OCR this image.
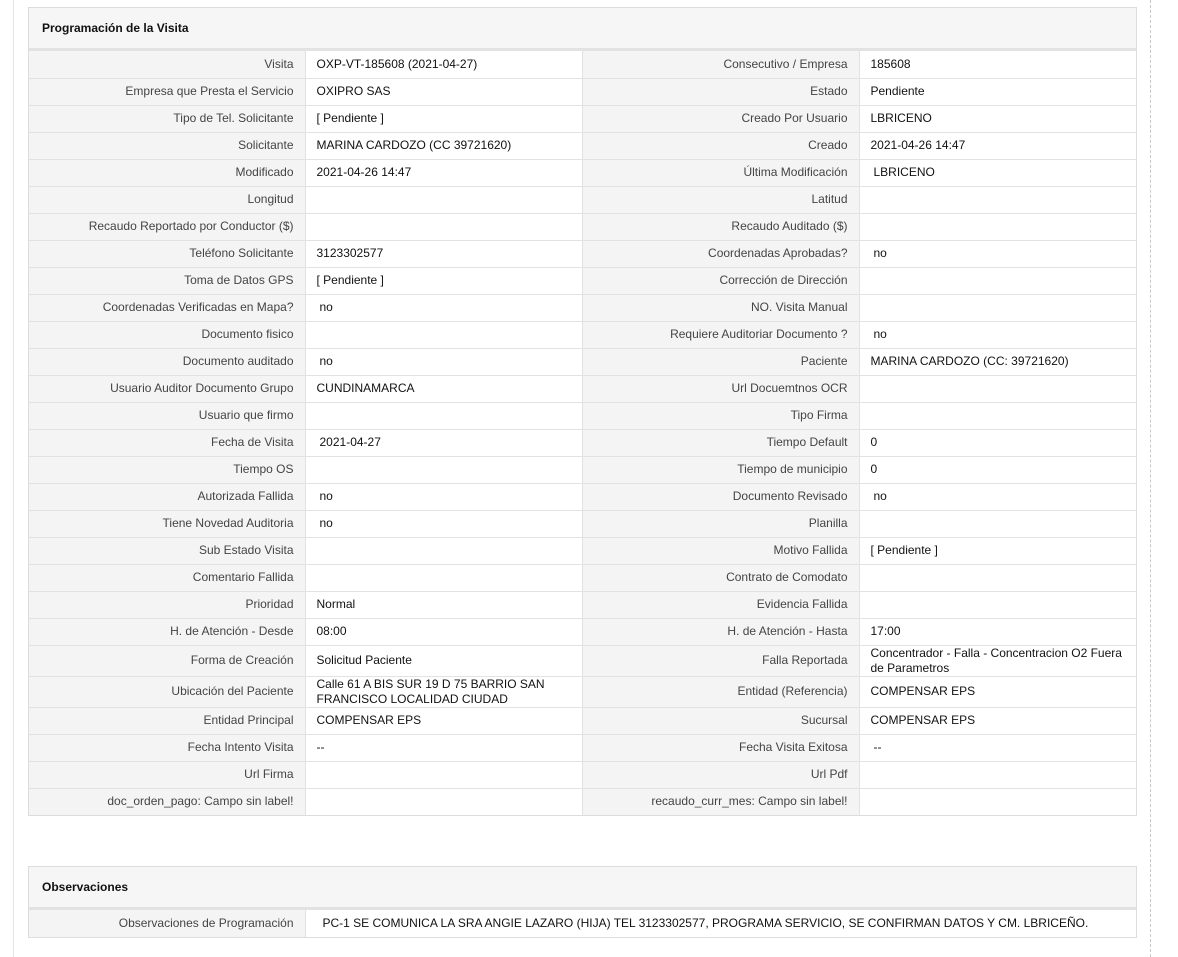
Programación de la Visita
Visita	OXP-VT-185608 (2021-04-27)	Consecutivo / Empresa	185608
Empresa que Presta el Servicio	OXIPRO SAS	Estado	Pendiente
Tipo de Tel. Solicitante	[ Pendiente ]	Creado Por Usuario	LBRICENO
Solicitante	MARINA CARDOZO (CC 39721620)	Creado	2021-04-26 14:47
Modificado	2021-04-26 14:47	Última Modificación	LBRICENO
Longitud		Latitud	
Recaudo Reportado por Conductor ($)		Recaudo Auditado ($)	
Teléfono Solicitante	3123302577	Coordenadas Aprobadas?	no
Toma de Datos GPS	[ Pendiente ]	Corrección de Dirección	
Coordenadas Verificadas en Mapa?	no	NO. Visita Manual	
Documento fisico		Requiere Auditoriar Documento ?	no
Documento auditado	no	Paciente	MARINA CARDOZO (CC: 39721620)
Usuario Auditor Documento Grupo	CUNDINAMARCA	Url Docuemtnos OCR	
Usuario que firmo		Tipo Firma	
Fecha de Visita	2021-04-27	Tiempo Default	0
Tiempo OS		Tiempo de municipio	0
Autorizada Fallida	no	Documento Revisado	no
Tiene Novedad Auditoria	no	Planilla	
Sub Estado Visita		Motivo Fallida	[ Pendiente ]
Comentario Fallida		Contrato de Comodato	
Prioridad	Normal	Evidencia Fallida	
H. de Atención - Desde	08:00	H. de Atención - Hasta	17:00
Forma de Creación	Solicitud Paciente	Falla Reportada	Concentrador - Falla - Concentracion O2 Fuera de Parametros
Ubicación del Paciente	Calle 61 A BIS SUR 19 D 75 BARRIO SAN FRANCISCO LOCALIDAD CIUDAD	Entidad (Referencia)	COMPENSAR EPS
Entidad Principal	COMPENSAR EPS	Sucursal	COMPENSAR EPS
Fecha Intento Visita	--	Fecha Visita Exitosa	--
Url Firma		Url Pdf	
doc_orden_pago: Campo sin label!		recaudo_curr_mes: Campo sin label!	
Observaciones
Observaciones de Programación	PC-1 SE COMUNICA LA SRA ANGIE LAZARO (HIJA) TEL 3123302577, PROGRAMA SERVICIO, SE CONFIRMAN DATOS Y CM. LBRICEÑO.
